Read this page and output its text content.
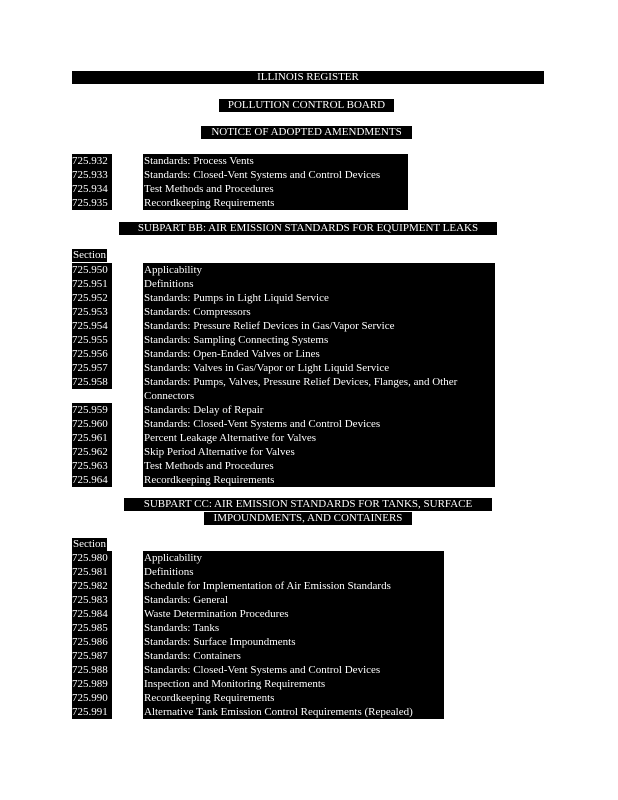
ILLINOIS REGISTER
POLLUTION CONTROL BOARD
NOTICE OF ADOPTED AMENDMENTS
725.932	Standards: Process Vents
725.933	Standards: Closed-Vent Systems and Control Devices
725.934	Test Methods and Procedures
725.935	Recordkeeping Requirements
SUBPART BB: AIR EMISSION STANDARDS FOR EQUIPMENT LEAKS
Section
725.950	Applicability
725.951	Definitions
725.952	Standards: Pumps in Light Liquid Service
725.953	Standards: Compressors
725.954	Standards: Pressure Relief Devices in Gas/Vapor Service
725.955	Standards: Sampling Connecting Systems
725.956	Standards: Open-Ended Valves or Lines
725.957	Standards: Valves in Gas/Vapor or Light Liquid Service
725.958	Standards: Pumps, Valves, Pressure Relief Devices, Flanges, and Other
Connectors
725.959	Standards: Delay of Repair
725.960	Standards: Closed-Vent Systems and Control Devices
725.961	Percent Leakage Alternative for Valves
725.962	Skip Period Alternative for Valves
725.963	Test Methods and Procedures
725.964	Recordkeeping Requirements
SUBPART CC: AIR EMISSION STANDARDS FOR TANKS, SURFACE
IMPOUNDMENTS, AND CONTAINERS
Section
725.980	Applicability
725.981	Definitions
725.982	Schedule for Implementation of Air Emission Standards
725.983	Standards: General
725.984	Waste Determination Procedures
725.985	Standards: Tanks
725.986	Standards: Surface Impoundments
725.987	Standards: Containers
725.988	Standards: Closed-Vent Systems and Control Devices
725.989	Inspection and Monitoring Requirements
725.990	Recordkeeping Requirements
725.991	Alternative Tank Emission Control Requirements (Repealed)
